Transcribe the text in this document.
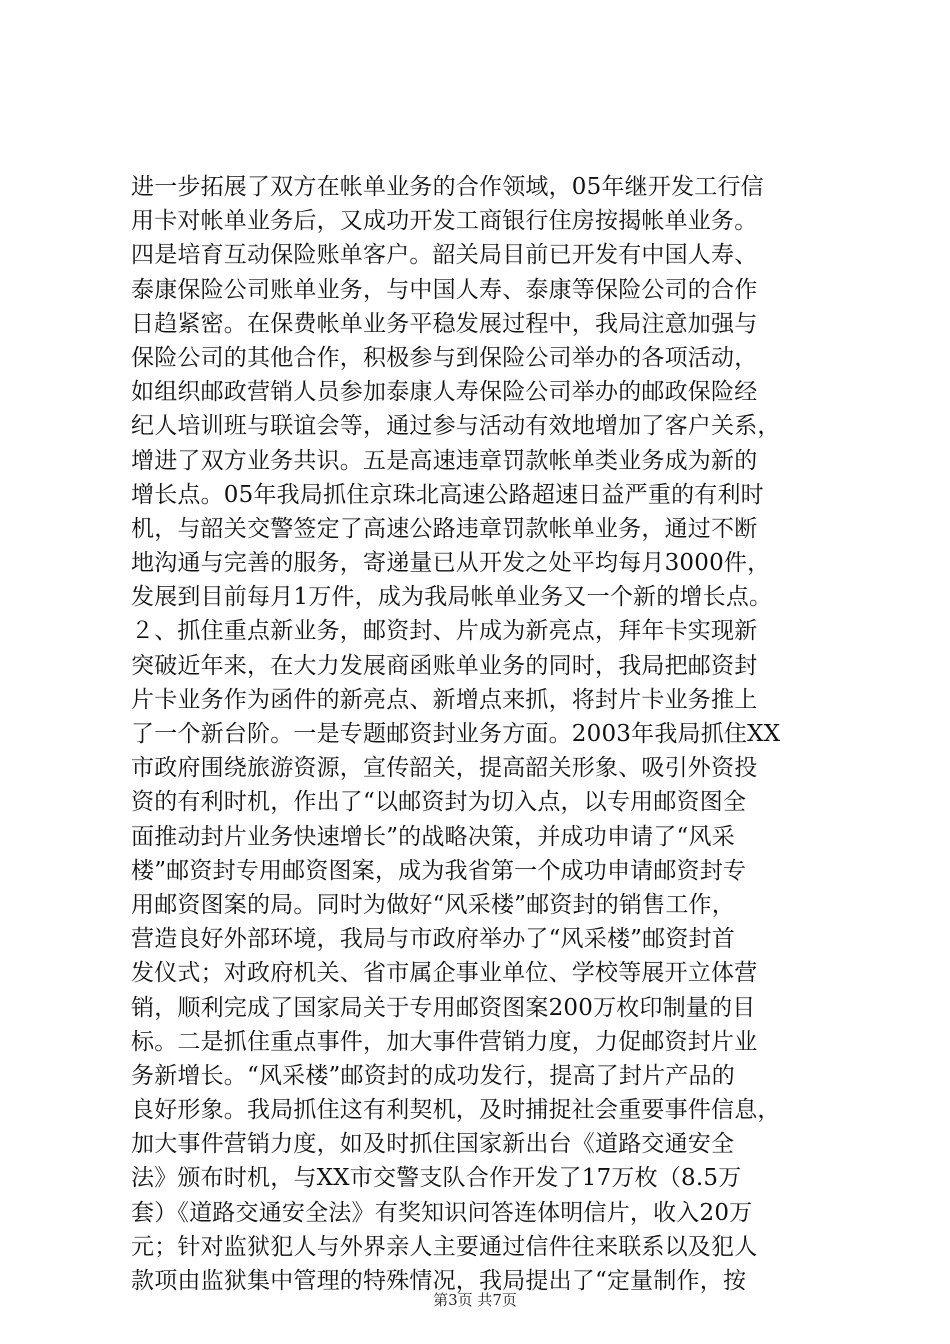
进一步拓展了双方在帐单业务的合作领域，05年继开发工行信
用卡对帐单业务后，又成功开发工商银行住房按揭帐单业务。
四是培育互动保险账单客户。韶关局目前已开发有中国人寿、
泰康保险公司账单业务，与中国人寿、泰康等保险公司的合作
日趋紧密。在保费帐单业务平稳发展过程中，我局注意加强与
保险公司的其他合作，积极参与到保险公司举办的各项活动，
如组织邮政营销人员参加泰康人寿保险公司举办的邮政保险经
纪人培训班与联谊会等，通过参与活动有效地增加了客户关系，
增进了双方业务共识。五是高速违章罚款帐单类业务成为新的
增长点。05年我局抓住京珠北高速公路超速日益严重的有利时
机，与韶关交警签定了高速公路违章罚款帐单业务，通过不断
地沟通与完善的服务，寄递量已从开发之处平均每月3000件，
发展到目前每月1万件，成为我局帐单业务又一个新的增长点。
２、抓住重点新业务，邮资封、片成为新亮点，拜年卡实现新
突破近年来，在大力发展商函账单业务的同时，我局把邮资封
片卡业务作为函件的新亮点、新增点来抓，将封片卡业务推上
了一个新台阶。一是专题邮资封业务方面。2003年我局抓住XX
市政府围绕旅游资源，宣传韶关，提高韶关形象、吸引外资投
资的有利时机，作出了“以邮资封为切入点，以专用邮资图全
面推动封片业务快速增长”的战略决策，并成功申请了“风采
楼”邮资封专用邮资图案，成为我省第一个成功申请邮资封专
用邮资图案的局。同时为做好“风采楼”邮资封的销售工作，
营造良好外部环境，我局与市政府举办了“风采楼”邮资封首
发仪式；对政府机关、省市属企事业单位、学校等展开立体营
销，顺利完成了国家局关于专用邮资图案200万枚印制量的目
标。二是抓住重点事件，加大事件营销力度，力促邮资封片业
务新增长。“风采楼”邮资封的成功发行，提高了封片产品的
良好形象。我局抓住这有利契机，及时捕捉社会重要事件信息，
加大事件营销力度，如及时抓住国家新出台《道路交通安全
法》颁布时机，与XX市交警支队合作开发了17万枚（8.5万
套）《道路交通安全法》有奖知识问答连体明信片，收入20万
元；针对监狱犯人与外界亲人主要通过信件往来联系以及犯人
款项由监狱集中管理的特殊情况，我局提出了“定量制作，按
第3页 共7页
